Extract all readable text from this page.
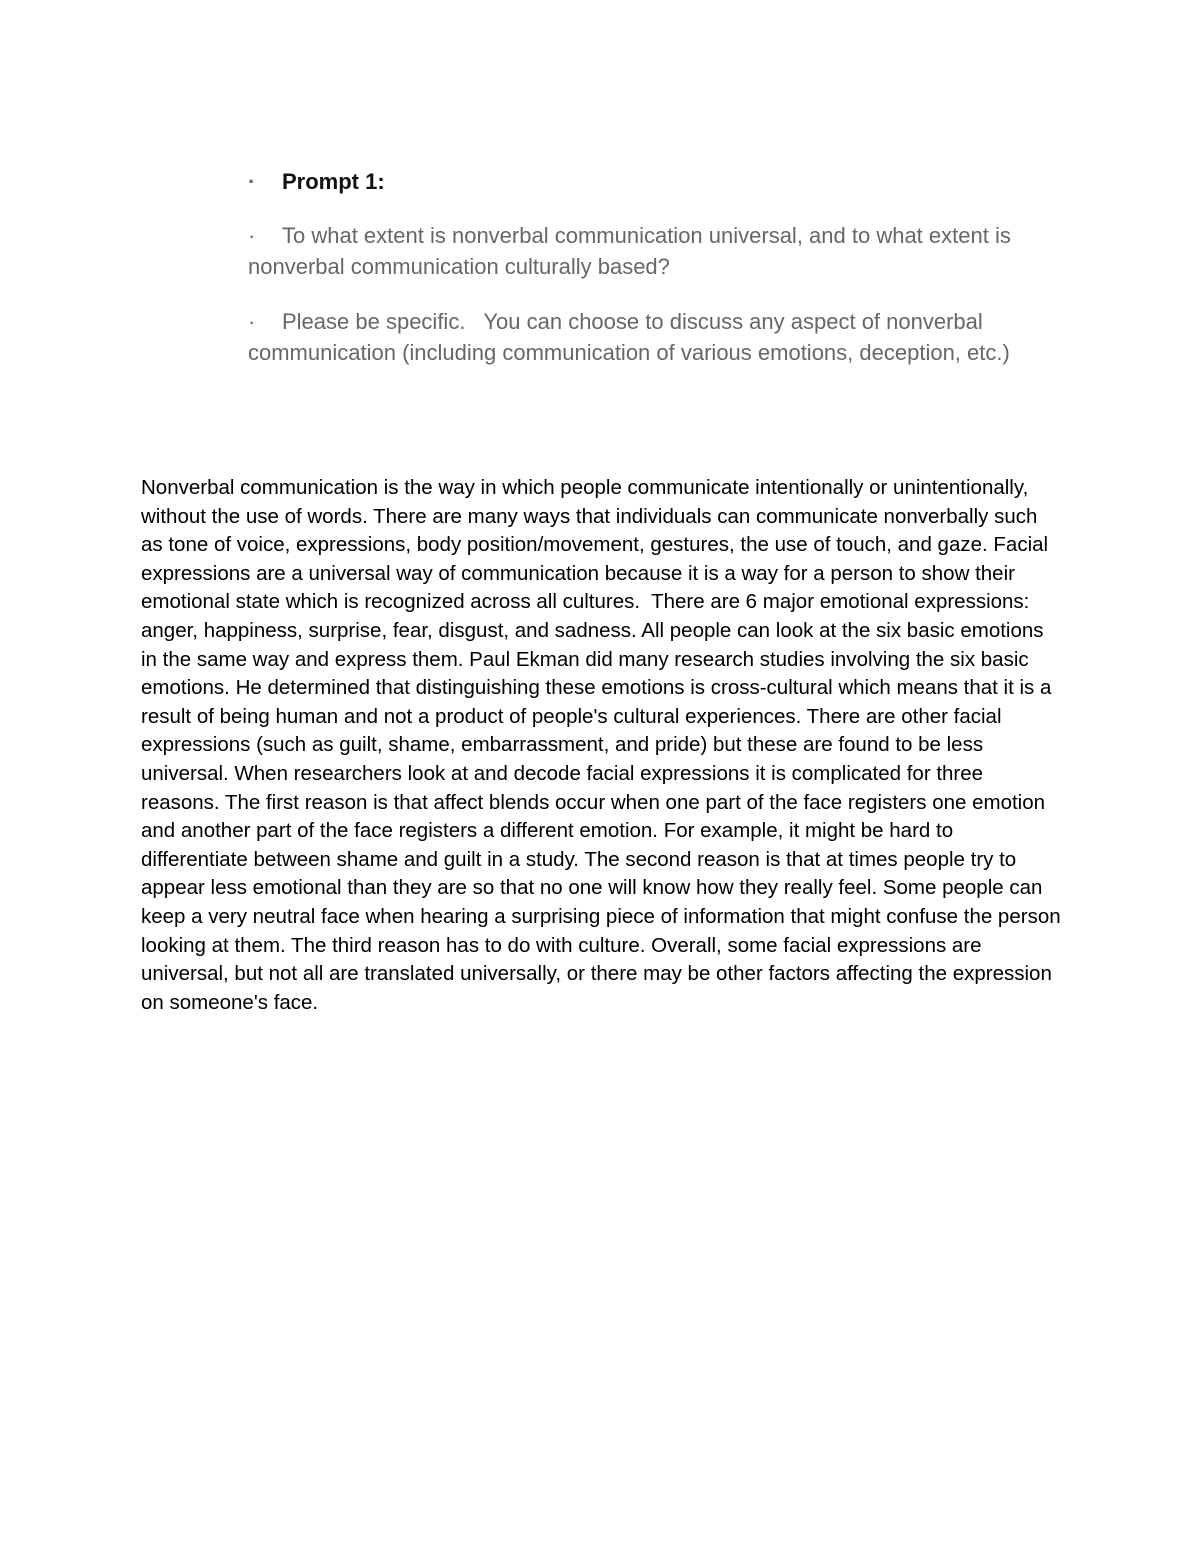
· Prompt 1:

· To what extent is nonverbal communication universal, and to what extent is nonverbal communication culturally based?

· Please be specific.   You can choose to discuss any aspect of nonverbal communication (including communication of various emotions, deception, etc.)

Nonverbal communication is the way in which people communicate intentionally or unintentionally, without the use of words. There are many ways that individuals can communicate nonverbally such as tone of voice, expressions, body position/movement, gestures, the use of touch, and gaze. Facial expressions are a universal way of communication because it is a way for a person to show their emotional state which is recognized across all cultures.  There are 6 major emotional expressions: anger, happiness, surprise, fear, disgust, and sadness. All people can look at the six basic emotions in the same way and express them. Paul Ekman did many research studies involving the six basic emotions. He determined that distinguishing these emotions is cross-cultural which means that it is a result of being human and not a product of people's cultural experiences. There are other facial expressions (such as guilt, shame, embarrassment, and pride) but these are found to be less universal. When researchers look at and decode facial expressions it is complicated for three reasons. The first reason is that affect blends occur when one part of the face registers one emotion and another part of the face registers a different emotion. For example, it might be hard to differentiate between shame and guilt in a study. The second reason is that at times people try to appear less emotional than they are so that no one will know how they really feel. Some people can keep a very neutral face when hearing a surprising piece of information that might confuse the person looking at them. The third reason has to do with culture. Overall, some facial expressions are universal, but not all are translated universally, or there may be other factors affecting the expression on someone's face.
